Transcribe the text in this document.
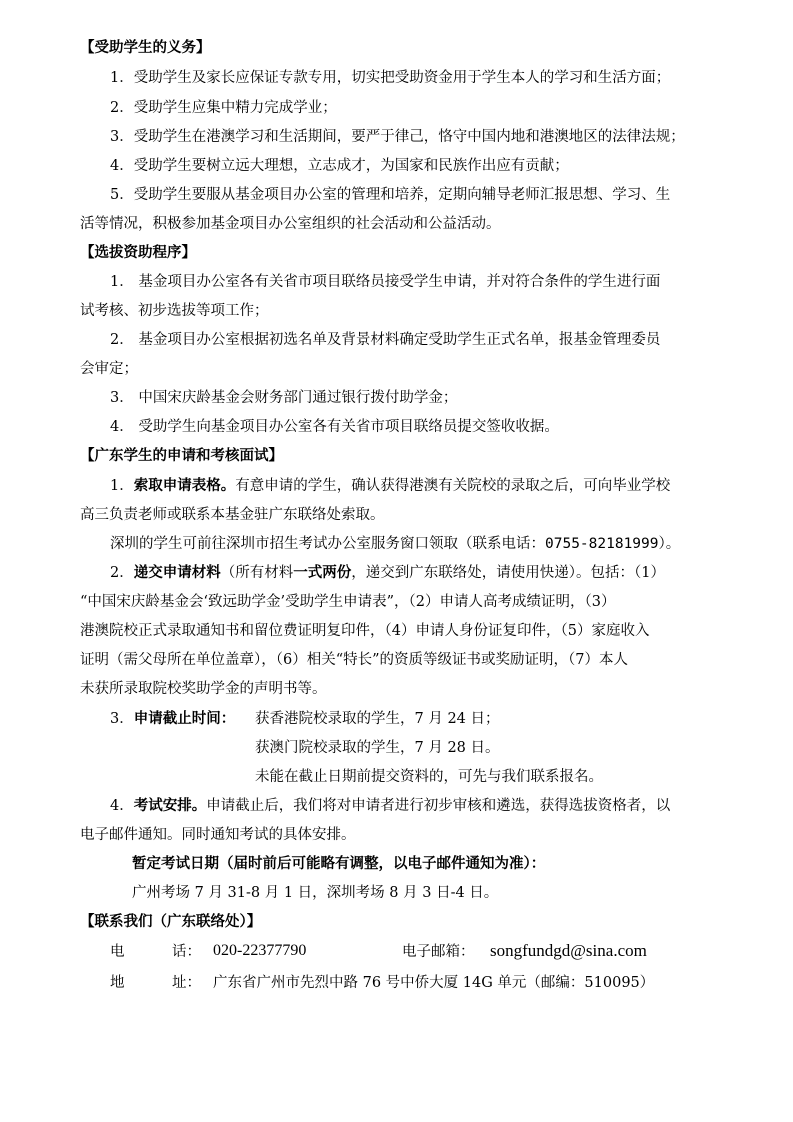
【受助学生的义务】
1．受助学生及家长应保证专款专用，切实把受助资金用于学生本人的学习和生活方面；
2．受助学生应集中精力完成学业；
3．受助学生在港澳学习和生活期间，要严于律己，恪守中国内地和港澳地区的法律法规；
4．受助学生要树立远大理想，立志成才，为国家和民族作出应有贡献；
5．受助学生要服从基金项目办公室的管理和培养，定期向辅导老师汇报思想、学习、生
活等情况，积极参加基金项目办公室组织的社会活动和公益活动。
【选拔资助程序】
1． 基金项目办公室各有关省市项目联络员接受学生申请，并对符合条件的学生进行面
试考核、初步选拔等项工作；
2． 基金项目办公室根据初选名单及背景材料确定受助学生正式名单，报基金管理委员
会审定；
3． 中国宋庆龄基金会财务部门通过银行拨付助学金；
4． 受助学生向基金项目办公室各有关省市项目联络员提交签收收据。
【广东学生的申请和考核面试】
1．索取申请表格。有意申请的学生，确认获得港澳有关院校的录取之后，可向毕业学校
高三负责老师或联系本基金驻广东联络处索取。
深圳的学生可前往深圳市招生考试办公室服务窗口领取（联系电话：0755-82181999）。
2．递交申请材料（所有材料一式两份，递交到广东联络处，请使用快递）。包括：（1）
“中国宋庆龄基金会‘致远助学金’受助学生申请表”，（2）申请人高考成绩证明，（3）
港澳院校正式录取通知书和留位费证明复印件，（4）申请人身份证复印件，（5）家庭收入
证明（需父母所在单位盖章），（6）相关“特长”的资质等级证书或奖励证明，（7）本人
未获所录取院校奖助学金的声明书等。
3．申请截止时间： 获香港院校录取的学生，7 月 24 日；
获澳门院校录取的学生，7 月 28 日。
未能在截止日期前提交资料的，可先与我们联系报名。
4．考试安排。申请截止后，我们将对申请者进行初步审核和遴选，获得选拔资格者，以
电子邮件通知。同时通知考试的具体安排。
暂定考试日期（届时前后可能略有调整，以电子邮件通知为准）：
广州考场 7 月 31-8 月 1 日，深圳考场 8 月 3 日-4 日。
【联系我们（广东联络处）】
电	话： 020-22377790	电子邮箱： songfundgd@sina.com
地	址： 广东省广州市先烈中路 76 号中侨大厦 14G 单元（邮编：510095）
